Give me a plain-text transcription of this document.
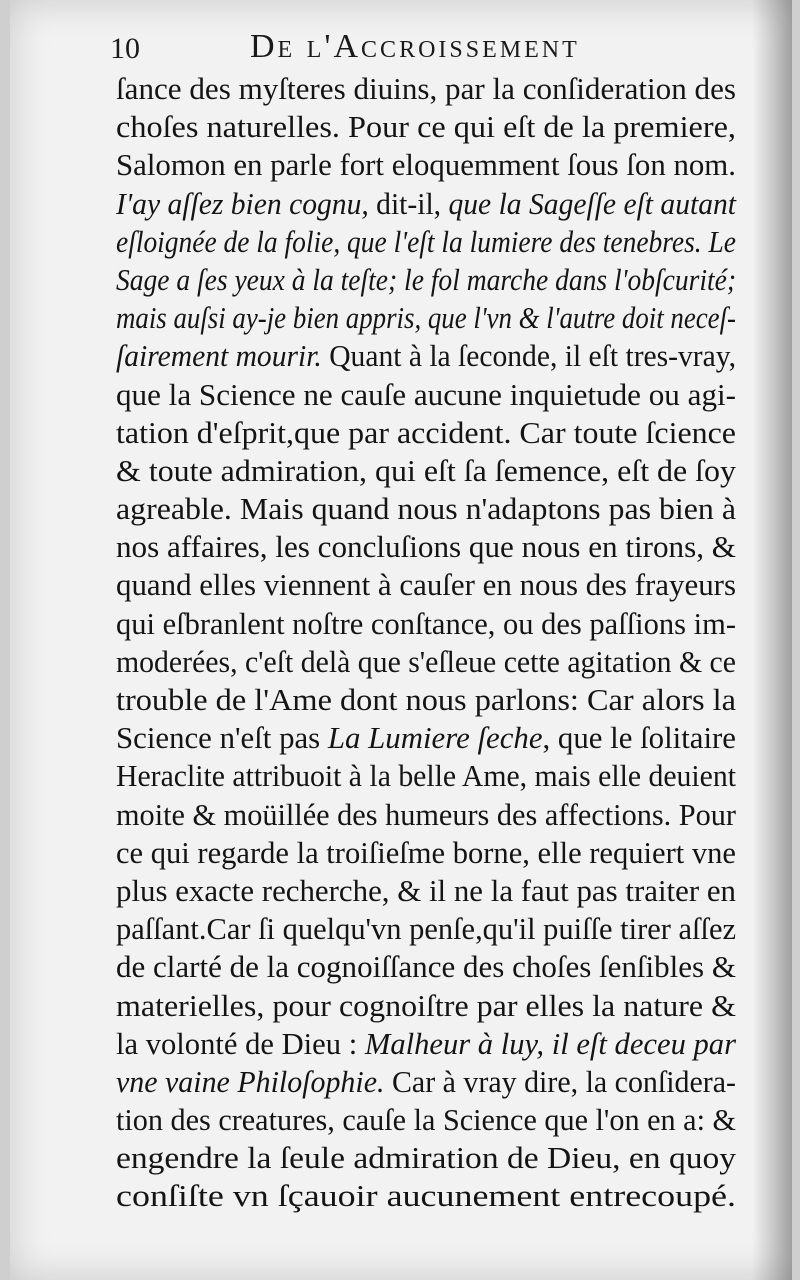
10	De l'Accroissement
ſance des myſteres diuins, par la conſideration des
choſes naturelles. Pour ce qui eſt de la premiere,
Salomon en parle fort eloquemment ſous ſon nom.
I'ay aſſez bien cognu, dit-il, que la Sageſſe eſt autant
eſloignée de la folie, que l'eſt la lumiere des tenebres. Le
Sage a ſes yeux à la teſte; le fol marche dans l'obſcurité;
mais auſsi ay-je bien appris, que l'vn & l'autre doit neceſ-
ſairement mourir. Quant à la ſeconde, il eſt tres-vray,
que la Science ne cauſe aucune inquietude ou agi-
tation d'eſprit,que par accident. Car toute ſcience
& toute admiration, qui eſt ſa ſemence, eſt de ſoy
agreable. Mais quand nous n'adaptons pas bien à
nos affaires, les concluſions que nous en tirons, &
quand elles viennent à cauſer en nous des frayeurs
qui eſbranlent noſtre conſtance, ou des paſſions im-
moderées, c'eſt delà que s'eſleue cette agitation & ce
trouble de l'Ame dont nous parlons: Car alors la
Science n'eſt pas La Lumiere ſeche, que le ſolitaire
Heraclite attribuoit à la belle Ame, mais elle deuient
moite & moüillée des humeurs des affections. Pour
ce qui regarde la troiſieſme borne, elle requiert vne
plus exacte recherche, & il ne la faut pas traiter en
paſſant.Car ſi quelqu'vn penſe,qu'il puiſſe tirer aſſez
de clarté de la cognoiſſance des choſes ſenſibles &
materielles, pour cognoiſtre par elles la nature &
la volonté de Dieu : Malheur à luy, il eſt deceu par
vne vaine Philoſophie. Car à vray dire, la conſidera-
tion des creatures, cauſe la Science que l'on en a: &
engendre la ſeule admiration de Dieu, en quoy
conſiſte vn ſçauoir aucunement entrecoupé.
